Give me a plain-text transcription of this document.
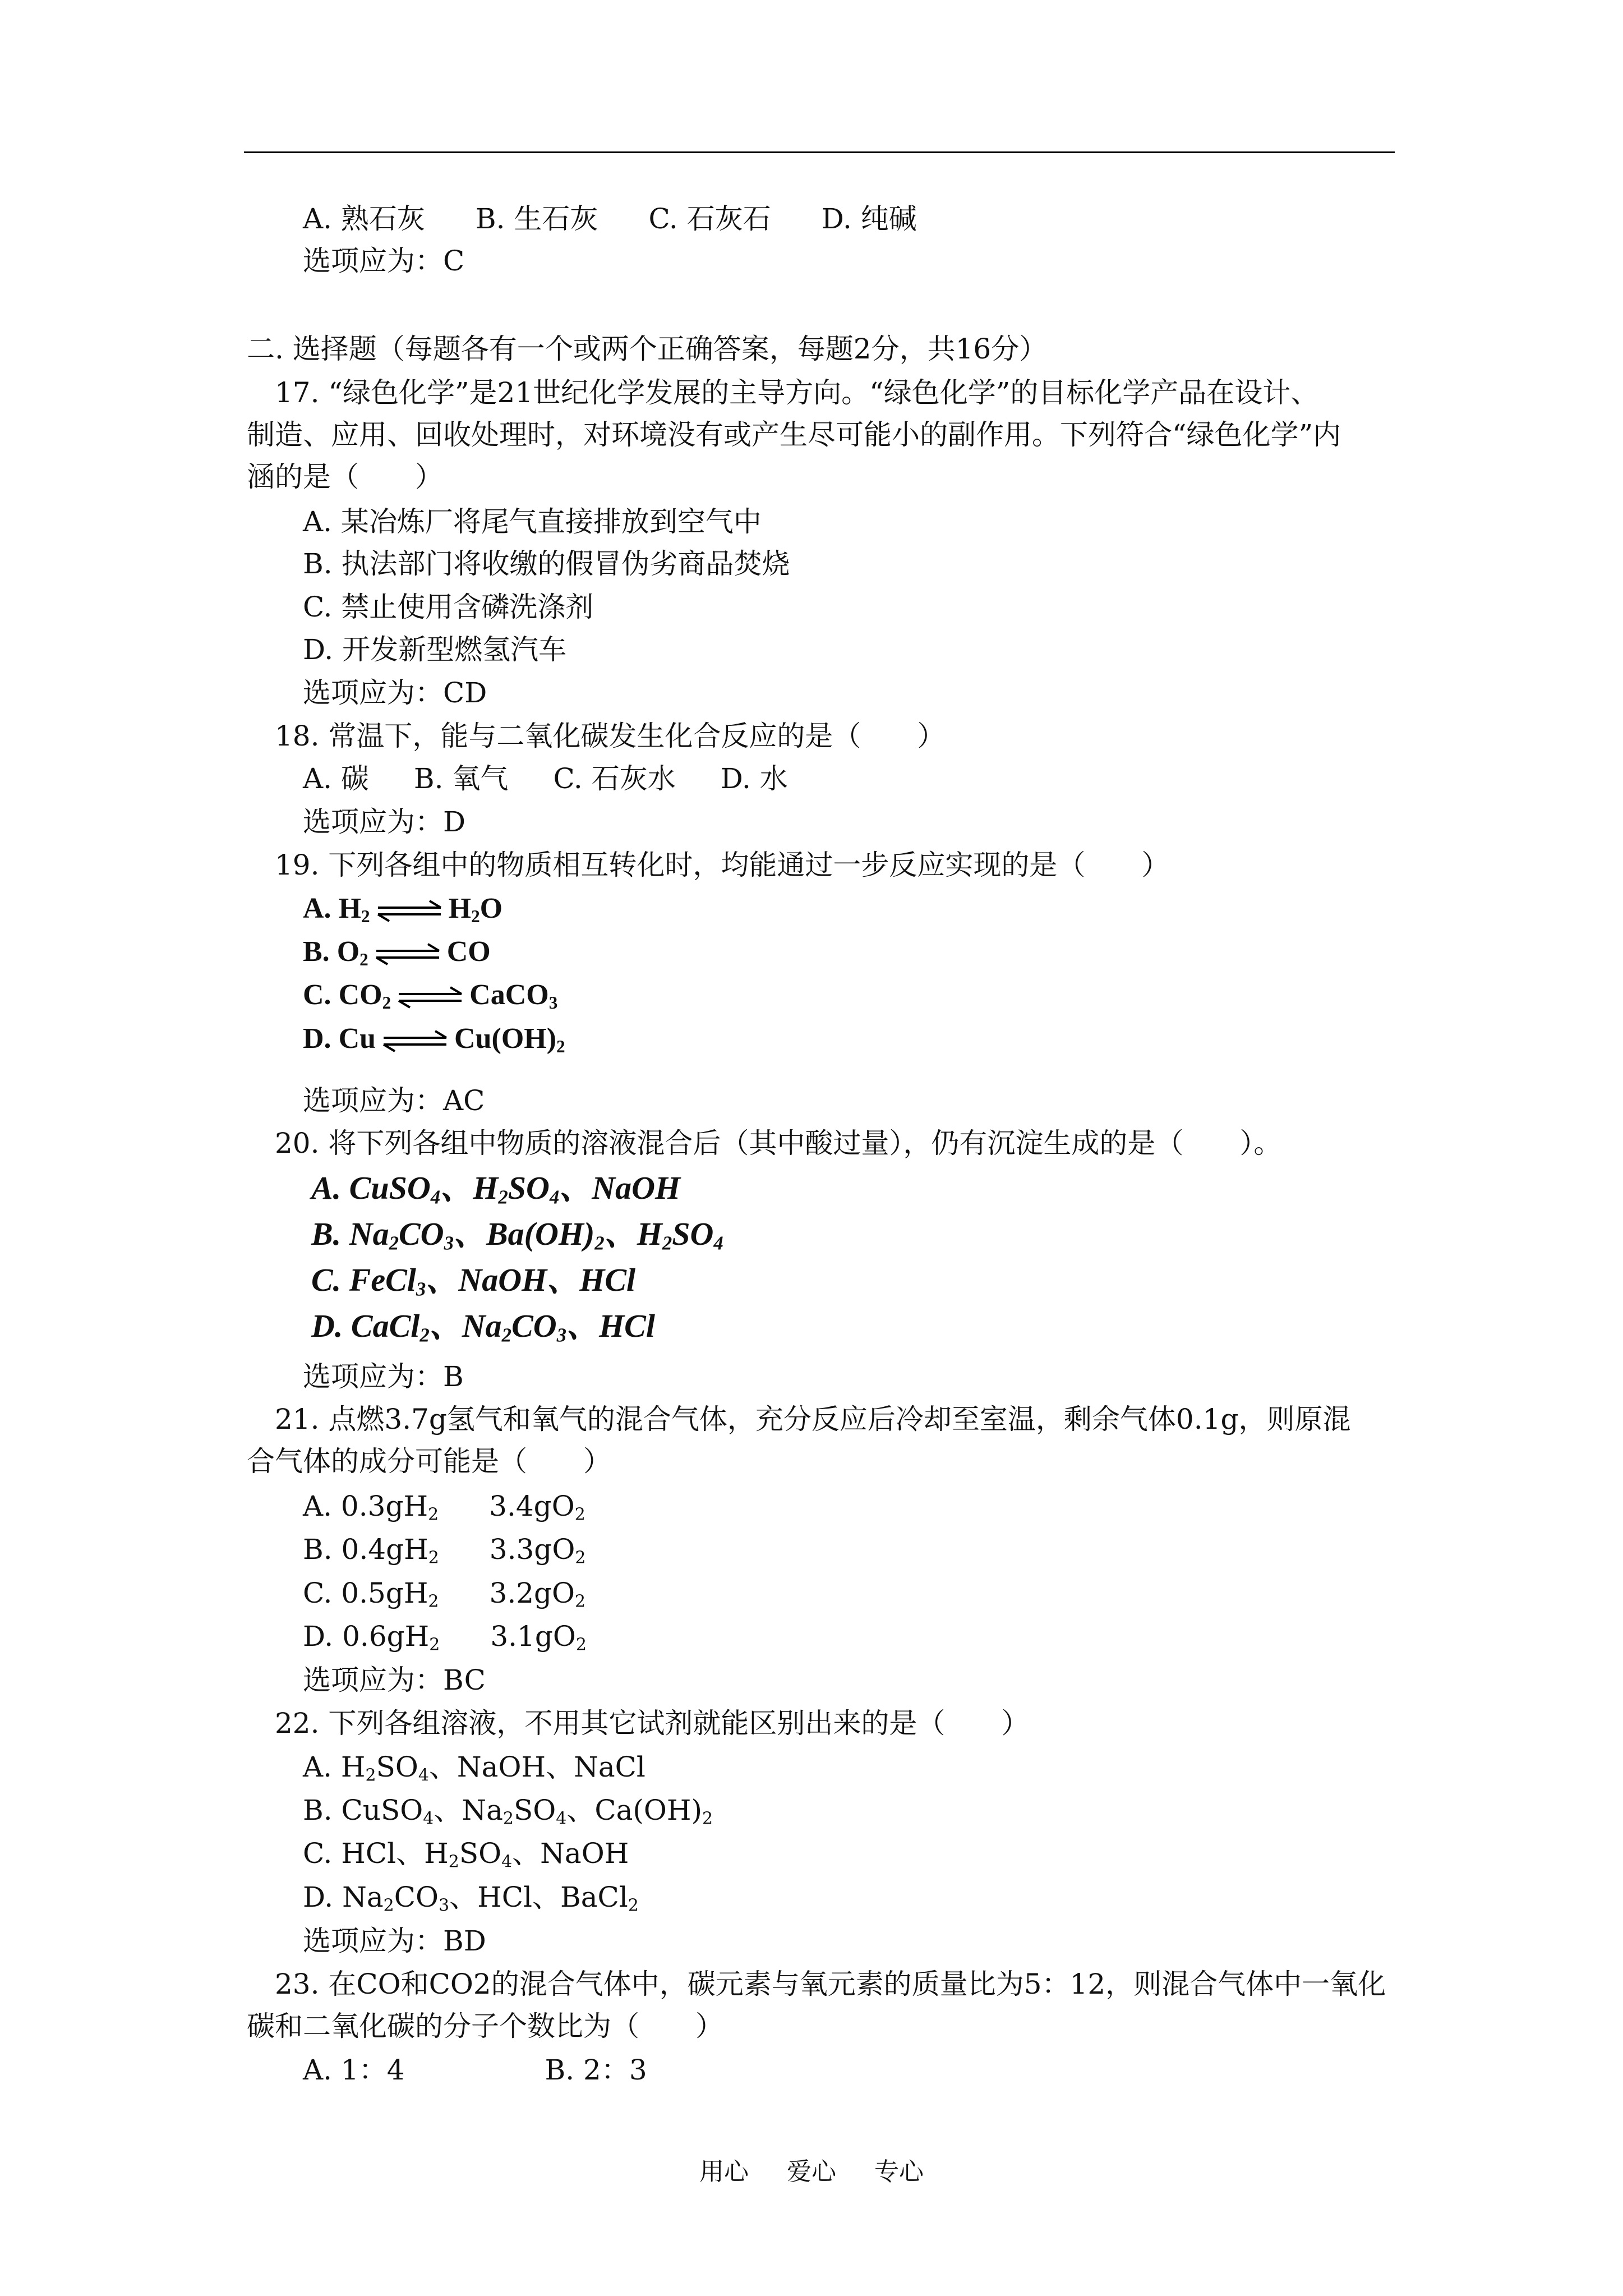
A. 熟石灰 B. 生石灰 C. 石灰石 D. 纯碱
选项应为：C
二. 选择题（每题各有一个或两个正确答案，每题2分，共16分）
17. “绿色化学”是21世纪化学发展的主导方向。“绿色化学”的目标化学产品在设计、
制造、应用、回收处理时，对环境没有或产生尽可能小的副作用。下列符合“绿色化学”内
涵的是（　　）
A. 某冶炼厂将尾气直接排放到空气中
B. 执法部门将收缴的假冒伪劣商品焚烧
C. 禁止使用含磷洗涤剂
D. 开发新型燃氢汽车
选项应为：CD
18. 常温下，能与二氧化碳发生化合反应的是（　　）
A. 碳 B. 氧气 C. 石灰水 D. 水
选项应为：D
19. 下列各组中的物质相互转化时，均能通过一步反应实现的是（　　）
A. $H_2$ ⇌ $H_2O$
B. $O_2$ ⇌ CO
C. $CO_2$ ⇌ CaCO$_3$
D. Cu ⇌ $Cu(OH)_2$
选项应为：AC
20. 将下列各组中物质的溶液混合后（其中酸过量），仍有沉淀生成的是（　　）。
A. CuSO$_4$、$H_2SO_4$、NaOH
B. $Na_2CO_3$、$Ba(OH)_2$、$H_2SO_4$
C. FeCl$_3$、NaOH、HCl
D. CaCl$_2$、$Na_2CO_3$、HCl
选项应为：B
21. 点燃3.7g氢气和氧气的混合气体，充分反应后冷却至室温，剩余气体0.1g，则原混
合气体的成分可能是（　　）
A. $0.3gH_2$ $3.4gO_2$
B. $0.4gH_2$ $3.3gO_2$
C. $0.5gH_2$ $3.2gO_2$
D. $0.6gH_2$ $3.1gO_2$
选项应为：BC
22. 下列各组溶液，不用其它试剂就能区别出来的是（　　）
A. $H_2SO_4$、NaOH、NaCl
B. CuSO$_4$、$Na_2SO_4$、$Ca(OH)_2$
C. HCl、$H_2SO_4$、NaOH
D. $Na_2CO_3$、HCl、BaCl$_2$
选项应为：BD
23. 在CO和CO2的混合气体中，碳元素与氧元素的质量比为5：12，则混合气体中一氧化
碳和二氧化碳的分子个数比为（　　）
A. 1：4	B. 2：3
用心 爱心 专心
